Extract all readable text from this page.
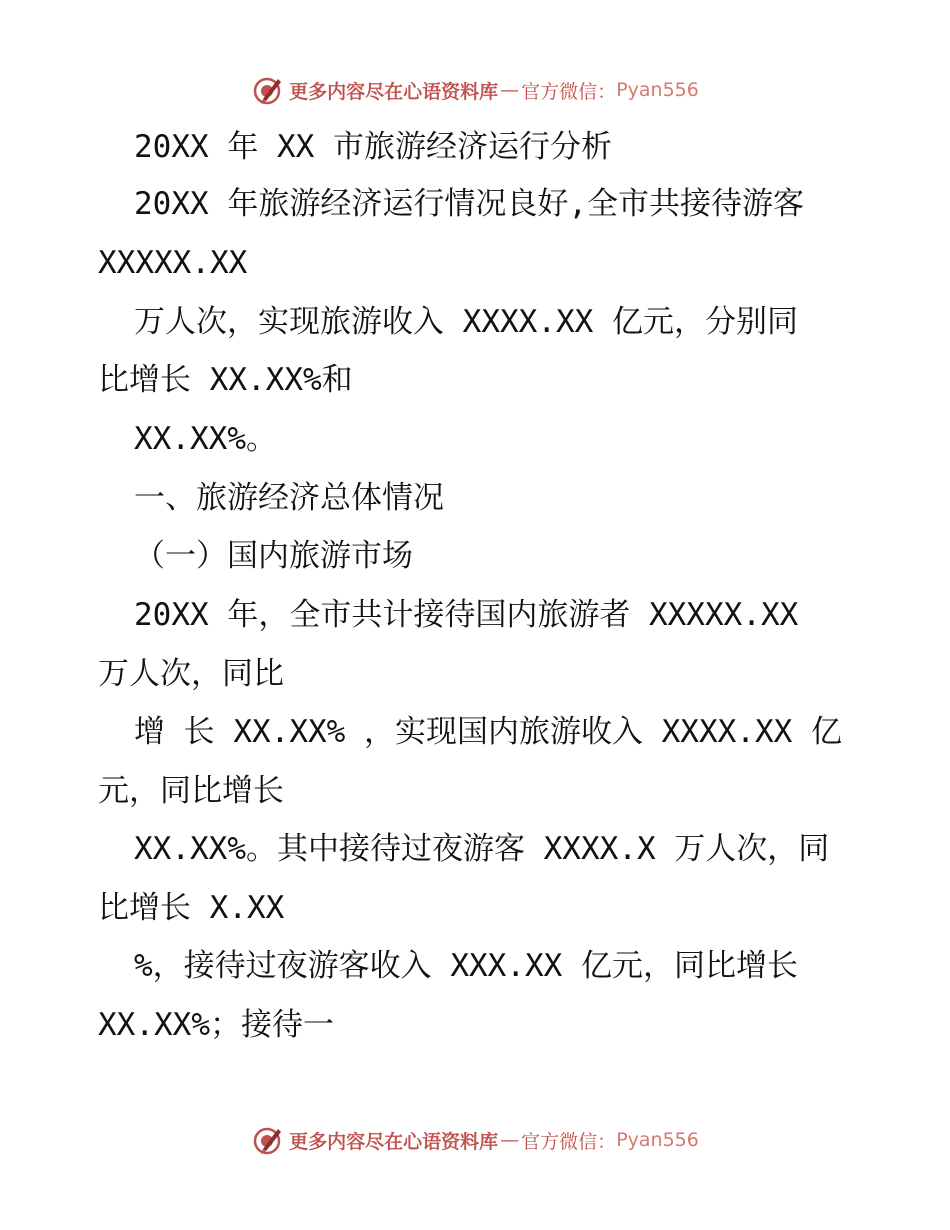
更多内容尽在心语资料库 — 官方微信： Pyan556
20XX 年 XX 市旅游经济运行分析
20XX 年旅游经济运行情况良好,全市共接待游客
XXXXX.XX
万人次，实现旅游收入 XXXX.XX 亿元，分别同
比增长 XX.XX%和
XX.XX%。
一、旅游经济总体情况
（一）国内旅游市场
20XX 年，全市共计接待国内旅游者 XXXXX.XX
万人次，同比
增 长 XX.XX% ，实现国内旅游收入 XXXX.XX 亿
元，同比增长
XX.XX%。其中接待过夜游客 XXXX.X 万人次，同
比增长 X.XX
%，接待过夜游客收入 XXX.XX 亿元，同比增长
XX.XX%；接待一
更多内容尽在心语资料库 — 官方微信： Pyan556
